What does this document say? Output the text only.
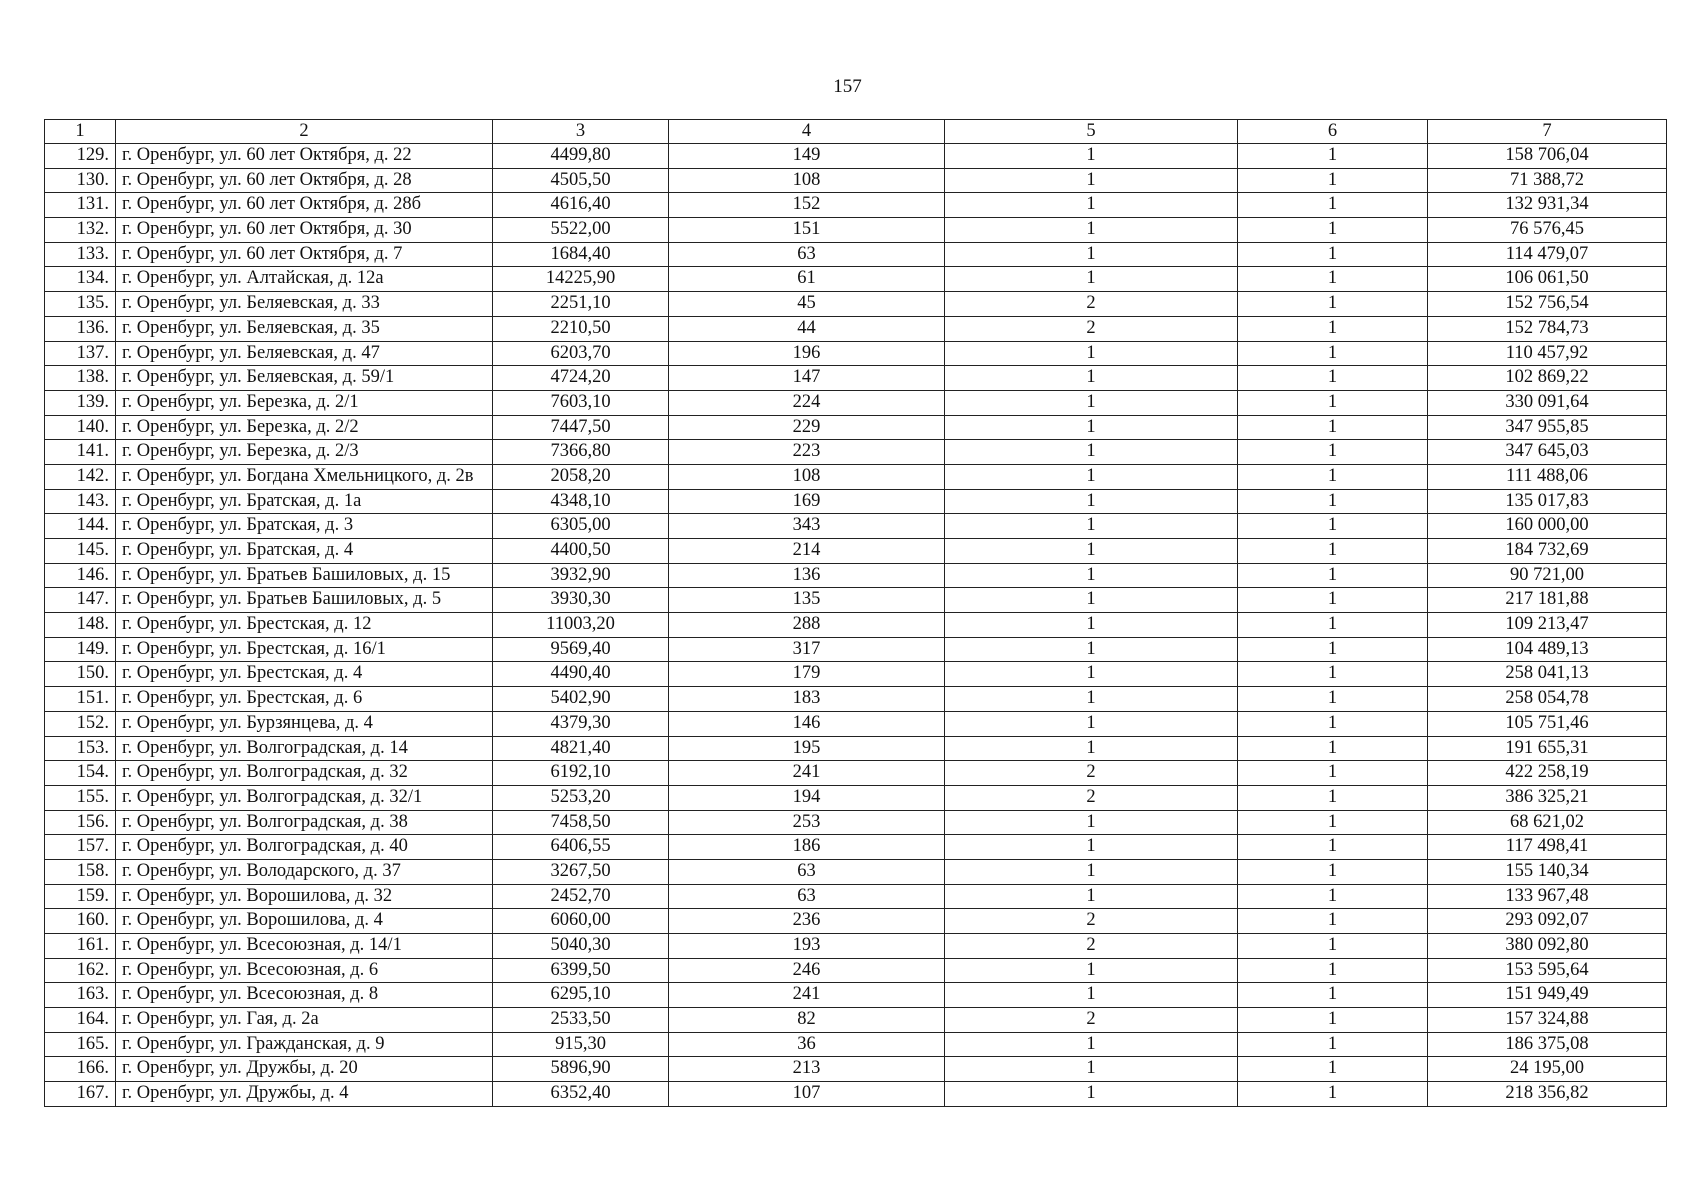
157
1	2	3	4	5	6	7
129.	г. Оренбург, ул. 60 лет Октября, д. 22	4499,80	149	1	1	158 706,04
130.	г. Оренбург, ул. 60 лет Октября, д. 28	4505,50	108	1	1	71 388,72
131.	г. Оренбург, ул. 60 лет Октября, д. 28б	4616,40	152	1	1	132 931,34
132.	г. Оренбург, ул. 60 лет Октября, д. 30	5522,00	151	1	1	76 576,45
133.	г. Оренбург, ул. 60 лет Октября, д. 7	1684,40	63	1	1	114 479,07
134.	г. Оренбург, ул. Алтайская, д. 12а	14225,90	61	1	1	106 061,50
135.	г. Оренбург, ул. Беляевская, д. 33	2251,10	45	2	1	152 756,54
136.	г. Оренбург, ул. Беляевская, д. 35	2210,50	44	2	1	152 784,73
137.	г. Оренбург, ул. Беляевская, д. 47	6203,70	196	1	1	110 457,92
138.	г. Оренбург, ул. Беляевская, д. 59/1	4724,20	147	1	1	102 869,22
139.	г. Оренбург, ул. Березка, д. 2/1	7603,10	224	1	1	330 091,64
140.	г. Оренбург, ул. Березка, д. 2/2	7447,50	229	1	1	347 955,85
141.	г. Оренбург, ул. Березка, д. 2/3	7366,80	223	1	1	347 645,03
142.	г. Оренбург, ул. Богдана Хмельницкого, д. 2в	2058,20	108	1	1	111 488,06
143.	г. Оренбург, ул. Братская, д. 1а	4348,10	169	1	1	135 017,83
144.	г. Оренбург, ул. Братская, д. 3	6305,00	343	1	1	160 000,00
145.	г. Оренбург, ул. Братская, д. 4	4400,50	214	1	1	184 732,69
146.	г. Оренбург, ул. Братьев Башиловых, д. 15	3932,90	136	1	1	90 721,00
147.	г. Оренбург, ул. Братьев Башиловых, д. 5	3930,30	135	1	1	217 181,88
148.	г. Оренбург, ул. Брестская, д. 12	11003,20	288	1	1	109 213,47
149.	г. Оренбург, ул. Брестская, д. 16/1	9569,40	317	1	1	104 489,13
150.	г. Оренбург, ул. Брестская, д. 4	4490,40	179	1	1	258 041,13
151.	г. Оренбург, ул. Брестская, д. 6	5402,90	183	1	1	258 054,78
152.	г. Оренбург, ул. Бурзянцева, д. 4	4379,30	146	1	1	105 751,46
153.	г. Оренбург, ул. Волгоградская, д. 14	4821,40	195	1	1	191 655,31
154.	г. Оренбург, ул. Волгоградская, д. 32	6192,10	241	2	1	422 258,19
155.	г. Оренбург, ул. Волгоградская, д. 32/1	5253,20	194	2	1	386 325,21
156.	г. Оренбург, ул. Волгоградская, д. 38	7458,50	253	1	1	68 621,02
157.	г. Оренбург, ул. Волгоградская, д. 40	6406,55	186	1	1	117 498,41
158.	г. Оренбург, ул. Володарского, д. 37	3267,50	63	1	1	155 140,34
159.	г. Оренбург, ул. Ворошилова, д. 32	2452,70	63	1	1	133 967,48
160.	г. Оренбург, ул. Ворошилова, д. 4	6060,00	236	2	1	293 092,07
161.	г. Оренбург, ул. Всесоюзная, д. 14/1	5040,30	193	2	1	380 092,80
162.	г. Оренбург, ул. Всесоюзная, д. 6	6399,50	246	1	1	153 595,64
163.	г. Оренбург, ул. Всесоюзная, д. 8	6295,10	241	1	1	151 949,49
164.	г. Оренбург, ул. Гая, д. 2а	2533,50	82	2	1	157 324,88
165.	г. Оренбург, ул. Гражданская, д. 9	915,30	36	1	1	186 375,08
166.	г. Оренбург, ул. Дружбы, д. 20	5896,90	213	1	1	24 195,00
167.	г. Оренбург, ул. Дружбы, д. 4	6352,40	107	1	1	218 356,82
